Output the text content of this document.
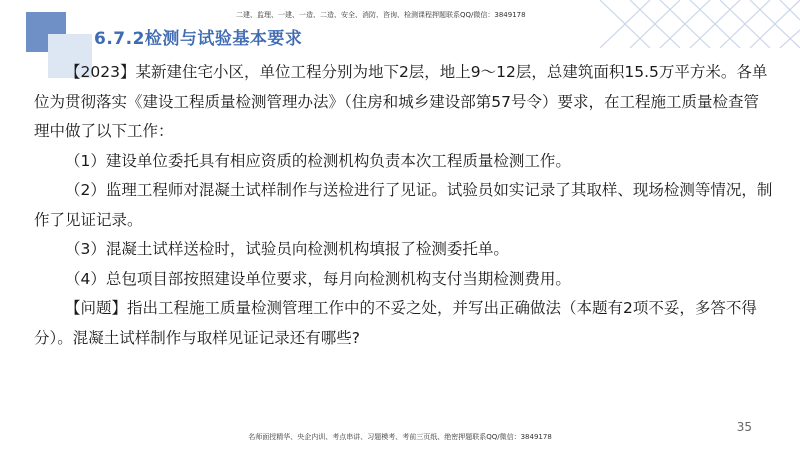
二建、监理、一建、一造、二造、安全、消防、咨询、检测课程押题联系QQ/微信：3849178
6.7.2检测与试验基本要求

【2023】某新建住宅小区，单位工程分别为地下2层，地上9～12层，总建筑面积15.5万平方米。各单位为贯彻落实《建设工程质量检测管理办法》（住房和城乡建设部第57号令）要求，在工程施工质量检查管理中做了以下工作：

（1）建设单位委托具有相应资质的检测机构负责本次工程质量检测工作。

（2）监理工程师对混凝土试样制作与送检进行了见证。试验员如实记录了其取样、现场检测等情况，制作了见证记录。

（3）混凝土试样送检时，试验员向检测机构填报了检测委托单。

（4）总包项目部按照建设单位要求，每月向检测机构支付当期检测费用。

【问题】指出工程施工质量检测管理工作中的不妥之处，并写出正确做法（本题有2项不妥，多答不得分）。混凝土试样制作与取样见证记录还有哪些?

35
名师面授精华、央企内训、考点串讲、习题模考、考前三页纸、绝密押题联系QQ/微信：3849178
